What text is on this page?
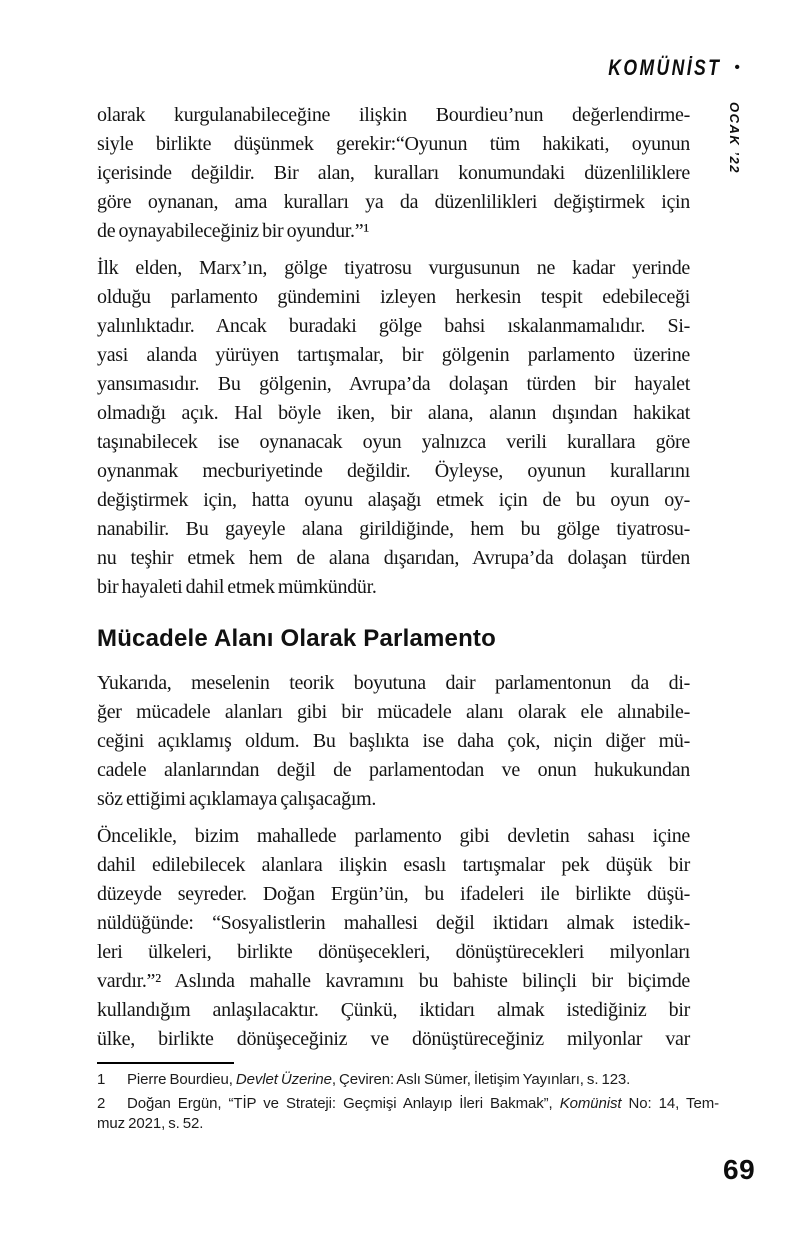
KOMÜNİST •
OCAK ’22
olarak kurgulanabileceğine ilişkin Bourdieu’nun değerlendirme-
siyle birlikte düşünmek gerekir:“Oyunun tüm hakikati, oyunun
içerisinde değildir. Bir alan, kuralları konumundaki düzenliliklere
göre oynanan, ama kuralları ya da düzenlilikleri değiştirmek için
de oynayabileceğiniz bir oyundur.”¹
İlk elden, Marx’ın, gölge tiyatrosu vurgusunun ne kadar yerinde
olduğu parlamento gündemini izleyen herkesin tespit edebileceği
yalınlıktadır. Ancak buradaki gölge bahsi ıskalanmamalıdır. Si-
yasi alanda yürüyen tartışmalar, bir gölgenin parlamento üzerine
yansımasıdır. Bu gölgenin, Avrupa’da dolaşan türden bir hayalet
olmadığı açık. Hal böyle iken, bir alana, alanın dışından hakikat
taşınabilecek ise oynanacak oyun yalnızca verili kurallara göre
oynanmak mecburiyetinde değildir. Öyleyse, oyunun kurallarını
değiştirmek için, hatta oyunu alaşağı etmek için de bu oyun oy-
nanabilir. Bu gayeyle alana girildiğinde, hem bu gölge tiyatrosu-
nu teşhir etmek hem de alana dışarıdan, Avrupa’da dolaşan türden
bir hayaleti dahil etmek mümkündür.
Mücadele Alanı Olarak Parlamento
Yukarıda, meselenin teorik boyutuna dair parlamentonun da di-
ğer mücadele alanları gibi bir mücadele alanı olarak ele alınabile-
ceğini açıklamış oldum. Bu başlıkta ise daha çok, niçin diğer mü-
cadele alanlarından değil de parlamentodan ve onun hukukundan
söz ettiğimi açıklamaya çalışacağım.
Öncelikle, bizim mahallede parlamento gibi devletin sahası içine
dahil edilebilecek alanlara ilişkin esaslı tartışmalar pek düşük bir
düzeyde seyreder. Doğan Ergün’ün, bu ifadeleri ile birlikte düşü-
nüldüğünde: “Sosyalistlerin mahallesi değil iktidarı almak istedik-
leri ülkeleri, birlikte dönüşecekleri, dönüştürecekleri milyonları
vardır.”² Aslında mahalle kavramını bu bahiste bilinçli bir biçimde
kullandığım anlaşılacaktır. Çünkü, iktidarı almak istediğiniz bir
ülke, birlikte dönüşeceğiniz ve dönüştüreceğiniz milyonlar var
1 Pierre Bourdieu, Devlet Üzerine, Çeviren: Aslı Sümer, İletişim Yayınları, s. 123.
2 Doğan Ergün, “TİP ve Strateji: Geçmişi Anlayıp İleri Bakmak”, Komünist No: 14, Tem-
muz 2021, s. 52.
69
